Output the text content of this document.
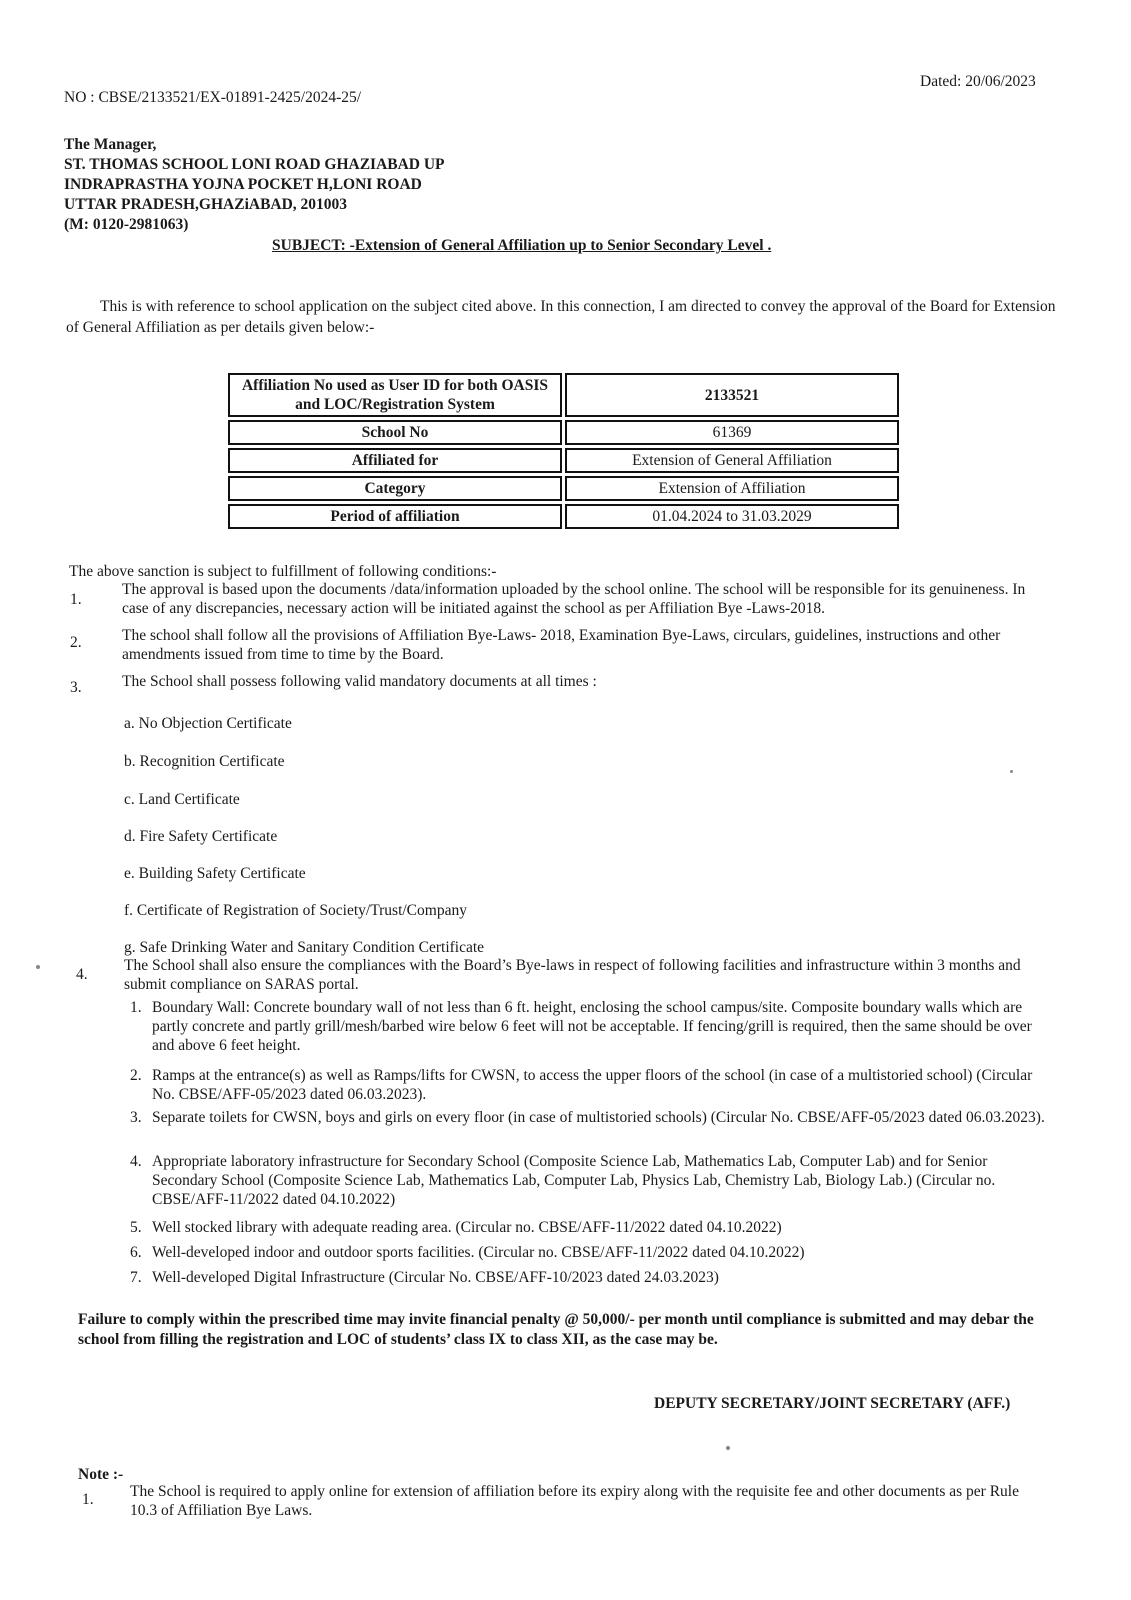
NO : CBSE/2133521/EX-01891-2425/2024-25/
Dated: 20/06/2023
The Manager,
ST. THOMAS SCHOOL LONI ROAD GHAZIABAD UP
INDRAPRASTHA YOJNA POCKET H,LONI ROAD
UTTAR PRADESH,GHAZiABAD, 201003
(M: 0120-2981063)
SUBJECT: -Extension of General Affiliation up to Senior Secondary Level .
This is with reference to school application on the subject cited above. In this connection, I am directed to convey the approval of the Board for Extension of General Affiliation as per details given below:-
Affiliation No used as User ID for both OASIS and LOC/Registration System	2133521
School No	61369
Affiliated for	Extension of General Affiliation
Category	Extension of Affiliation
Period of affiliation	01.04.2024 to 31.03.2029
The above sanction is subject to fulfillment of following conditions:-
1.
The approval is based upon the documents /data/information uploaded by the school online. The school will be responsible for its genuineness. In case of any discrepancies, necessary action will be initiated against the school as per Affiliation Bye -Laws-2018.
2.	The school shall follow all the provisions of Affiliation Bye-Laws- 2018, Examination Bye-Laws, circulars, guidelines, instructions and other amendments issued from time to time by the Board.
3.	The School shall possess following valid mandatory documents at all times :
a. No Objection Certificate
b. Recognition Certificate
c. Land Certificate
d. Fire Safety Certificate
e. Building Safety Certificate
f. Certificate of Registration of Society/Trust/Company
g. Safe Drinking Water and Sanitary Condition Certificate
4.
The School shall also ensure the compliances with the Board’s Bye-laws in respect of following facilities and infrastructure within 3 months and submit compliance on SARAS portal.
1. Boundary Wall: Concrete boundary wall of not less than 6 ft. height, enclosing the school campus/site. Composite boundary walls which are partly concrete and partly grill/mesh/barbed wire below 6 feet will not be acceptable. If fencing/grill is required, then the same should be over and above 6 feet height.
2. Ramps at the entrance(s) as well as Ramps/lifts for CWSN, to access the upper floors of the school (in case of a multistoried school) (Circular No. CBSE/AFF-05/2023 dated 06.03.2023).
3. Separate toilets for CWSN, boys and girls on every floor (in case of multistoried schools) (Circular No. CBSE/AFF-05/2023 dated 06.03.2023).
4. Appropriate laboratory infrastructure for Secondary School (Composite Science Lab, Mathematics Lab, Computer Lab) and for Senior Secondary School (Composite Science Lab, Mathematics Lab, Computer Lab, Physics Lab, Chemistry Lab, Biology Lab.) (Circular no. CBSE/AFF-11/2022 dated 04.10.2022)
5. Well stocked library with adequate reading area. (Circular no. CBSE/AFF-11/2022 dated 04.10.2022)
6. Well-developed indoor and outdoor sports facilities. (Circular no. CBSE/AFF-11/2022 dated 04.10.2022)
7. Well-developed Digital Infrastructure (Circular No. CBSE/AFF-10/2023 dated 24.03.2023)
Failure to comply within the prescribed time may invite financial penalty @ 50,000/- per month until compliance is submitted and may debar the school from filling the registration and LOC of students’ class IX to class XII, as the case may be.
DEPUTY SECRETARY/JOINT SECRETARY (AFF.)
Note :-
1. The School is required to apply online for extension of affiliation before its expiry along with the requisite fee and other documents as per Rule 10.3 of Affiliation Bye Laws.
